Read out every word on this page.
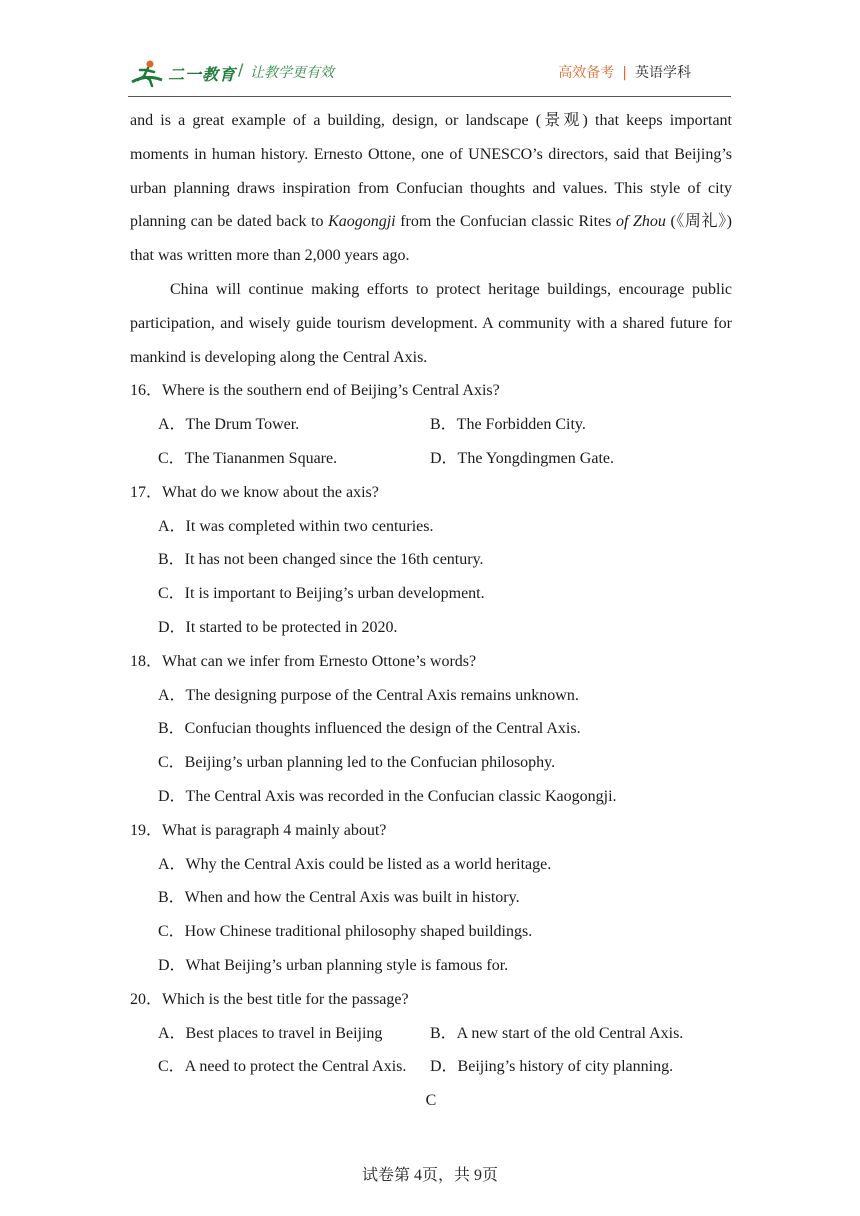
二一教育 / 让教学更有效	高效备考 | 英语学科

and is a great example of a building, design, or landscape (景观) that keeps important moments in human history. Ernesto Ottone, one of UNESCO’s directors, said that Beijing’s urban planning draws inspiration from Confucian thoughts and values. This style of city planning can be dated back to Kaogongji from the Confucian classic Rites of Zhou (《周礼》) that was written more than 2,000 years ago.

China will continue making efforts to protect heritage buildings, encourage public participation, and wisely guide tourism development. A community with a shared future for mankind is developing along the Central Axis.

16．Where is the southern end of Beijing’s Central Axis?

A．The Drum Tower.	B．The Forbidden City.
C．The Tiananmen Square.	D．The Yongdingmen Gate.

17．What do we know about the axis?

A．It was completed within two centuries.

B．It has not been changed since the 16th century.

C．It is important to Beijing’s urban development.

D．It started to be protected in 2020.

18．What can we infer from Ernesto Ottone’s words?

A．The designing purpose of the Central Axis remains unknown.

B．Confucian thoughts influenced the design of the Central Axis.

C．Beijing’s urban planning led to the Confucian philosophy.

D．The Central Axis was recorded in the Confucian classic Kaogongji.

19．What is paragraph 4 mainly about?

A．Why the Central Axis could be listed as a world heritage.

B．When and how the Central Axis was built in history.

C．How Chinese traditional philosophy shaped buildings.

D．What Beijing’s urban planning style is famous for.

20．Which is the best title for the passage?

A．Best places to travel in Beijing	B．A new start of the old Central Axis.
C．A need to protect the Central Axis.	D．Beijing’s history of city planning.

C

试卷第 4页，共 9页
